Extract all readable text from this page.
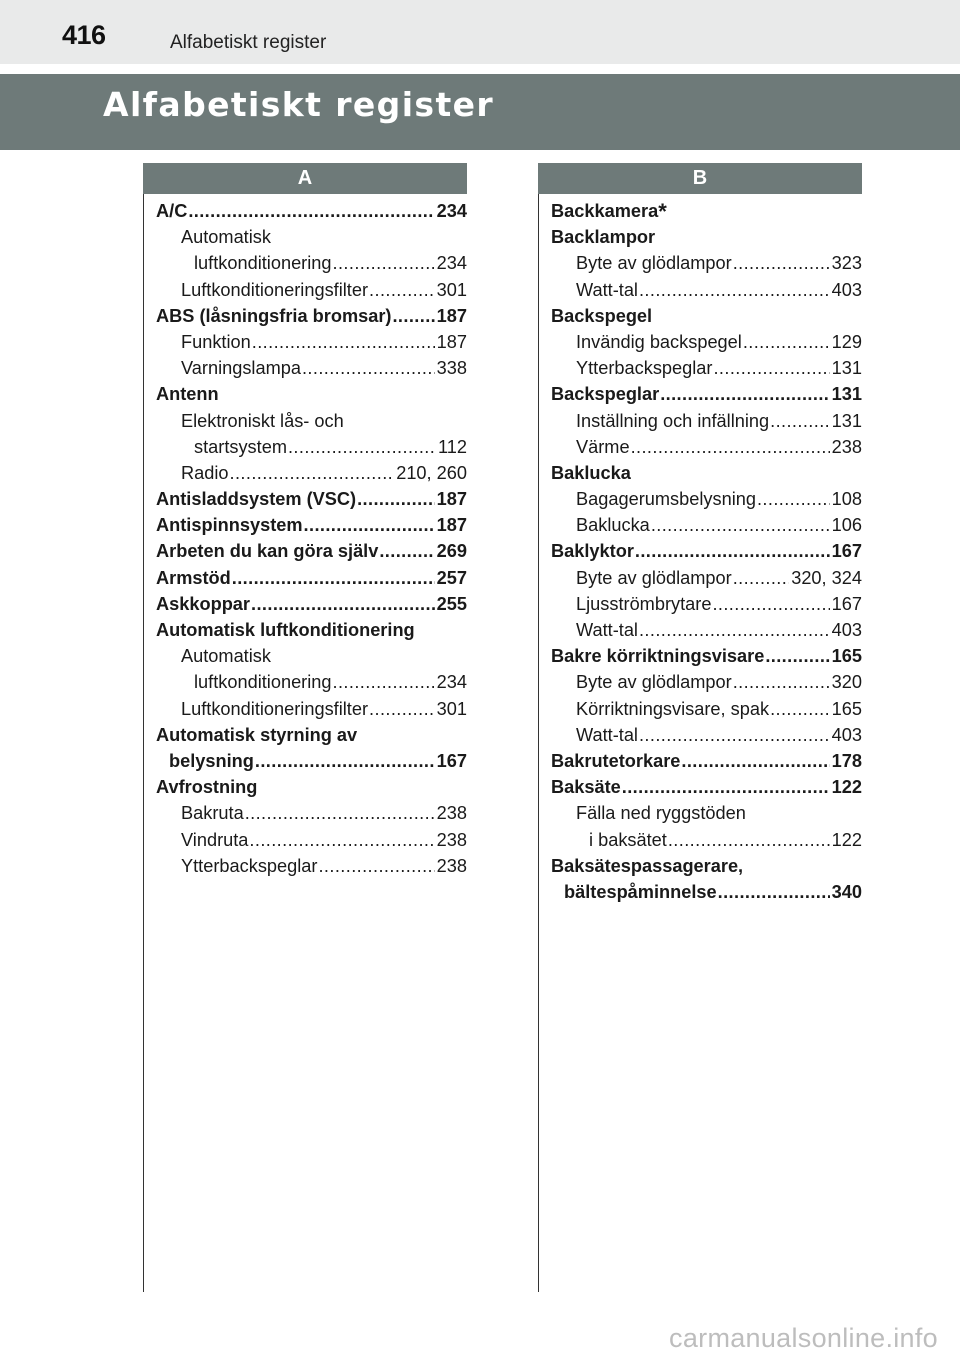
416	Alfabetiskt register
Alfabetiskt register
A	B
A/C .....	234
Automatisk
luftkonditionering .....	234
Luftkonditioneringsfilter .....	301
ABS (låsningsfria bromsar) ..... 187
Funktion .....	187
Varningslampa .....	338
Antenn
Elektroniskt lås- och
startsystem .....	112
Radio .....	210, 260
Antisladdsystem (VSC) .....	187
Antispinnsystem .....	187
Arbeten du kan göra själv .....	269
Armstöd .....	257
Askkoppar .....	255
Automatisk luftkonditionering
Automatisk
luftkonditionering .....	234
Luftkonditioneringsfilter .....	301
Automatisk styrning av
belysning .....	167
Avfrostning
Bakruta .....	238
Vindruta .....	238
Ytterbackspeglar .....	238
Backkamera*
Backlampor
Byte av glödlampor .....	323
Watt-tal .....	403
Backspegel
Invändig backspegel .....	129
Ytterbackspeglar .....	131
Backspeglar .....	131
Inställning och infällning .....	131
Värme .....	238
Baklucka
Bagagerumsbelysning .....	108
Baklucka .....	106
Baklyktor .....	167
Byte av glödlampor .....	320, 324
Ljusströmbrytare .....	167
Watt-tal .....	403
Bakre körriktningsvisare .....	165
Byte av glödlampor .....	320
Körriktningsvisare, spak .....	165
Watt-tal .....	403
Bakrutetorkare .....	178
Baksäte .....	122
Fälla ned ryggstöden
i baksätet .....	122
Baksätespassagerare,
bältespåminnelse .....	340
carmanualsonline.info
